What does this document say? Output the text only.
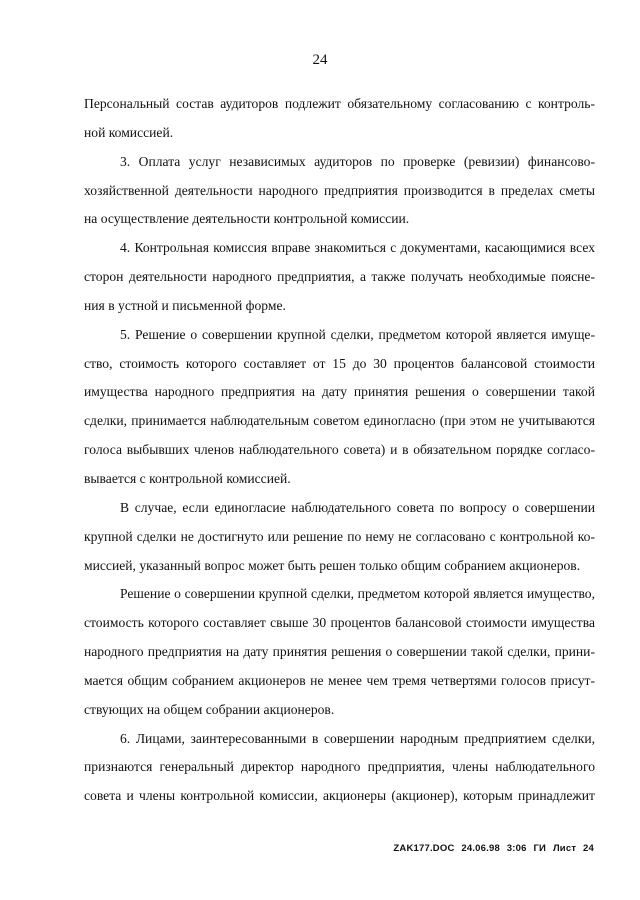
24
Персональный состав аудиторов подлежит обязательному согласованию с контроль-
ной комиссией.
3. Оплата услуг независимых аудиторов по проверке (ревизии) финансово-
хозяйственной деятельности народного предприятия производится в пределах сметы
на осуществление деятельности контрольной комиссии.
4. Контрольная комиссия вправе знакомиться с документами, касающимися всех
сторон деятельности народного предприятия, а также получать необходимые поясне-
ния в устной и письменной форме.
5. Решение о совершении крупной сделки, предметом которой является имуще-
ство, стоимость которого составляет от 15 до 30 процентов балансовой стоимости
имущества народного предприятия на дату принятия решения о совершении такой
сделки, принимается наблюдательным советом единогласно (при этом не учитываются
голоса выбывших членов наблюдательного совета) и в обязательном порядке согласо-
вывается с контрольной комиссией.
В случае, если единогласие наблюдательного совета по вопросу о совершении
крупной сделки не достигнуто или решение по нему не согласовано с контрольной ко-
миссией, указанный вопрос может быть решен только общим собранием акционеров.
Решение о совершении крупной сделки, предметом которой является имущество,
стоимость которого составляет свыше 30 процентов балансовой стоимости имущества
народного предприятия на дату принятия решения о совершении такой сделки, прини-
мается общим собранием акционеров не менее чем тремя четвертями голосов присут-
ствующих на общем собрании акционеров.
6. Лицами, заинтересованными в совершении народным предприятием сделки,
признаются генеральный директор народного предприятия, члены наблюдательного
совета и члены контрольной комиссии, акционеры (акционер), которым принадлежит
ZAK177.DOC 24.06.98 3:06 ГИ Лист 24
